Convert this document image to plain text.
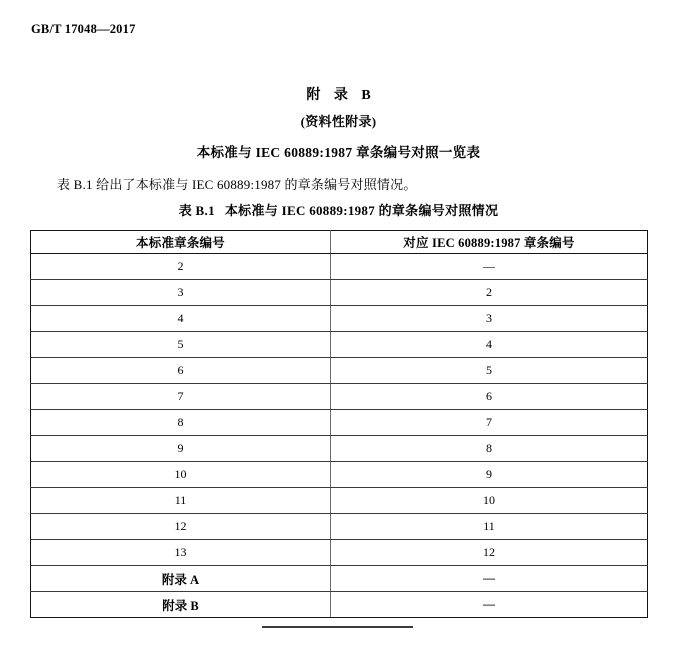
GB/T 17048—2017
附 录 B
(资料性附录)
本标准与 IEC 60889:1987 章条编号对照一览表

表 B.1 给出了本标准与 IEC 60889:1987 的章条编号对照情况。

表 B.1 本标准与 IEC 60889:1987 的章条编号对照情况
本标准章条编号	对应 IEC 60889:1987 章条编号
2	—
3	2
4	3
5	4
6	5
7	6
8	7
9	8
10	9
11	10
12	11
13	12
附录 A	—
附录 B	—
